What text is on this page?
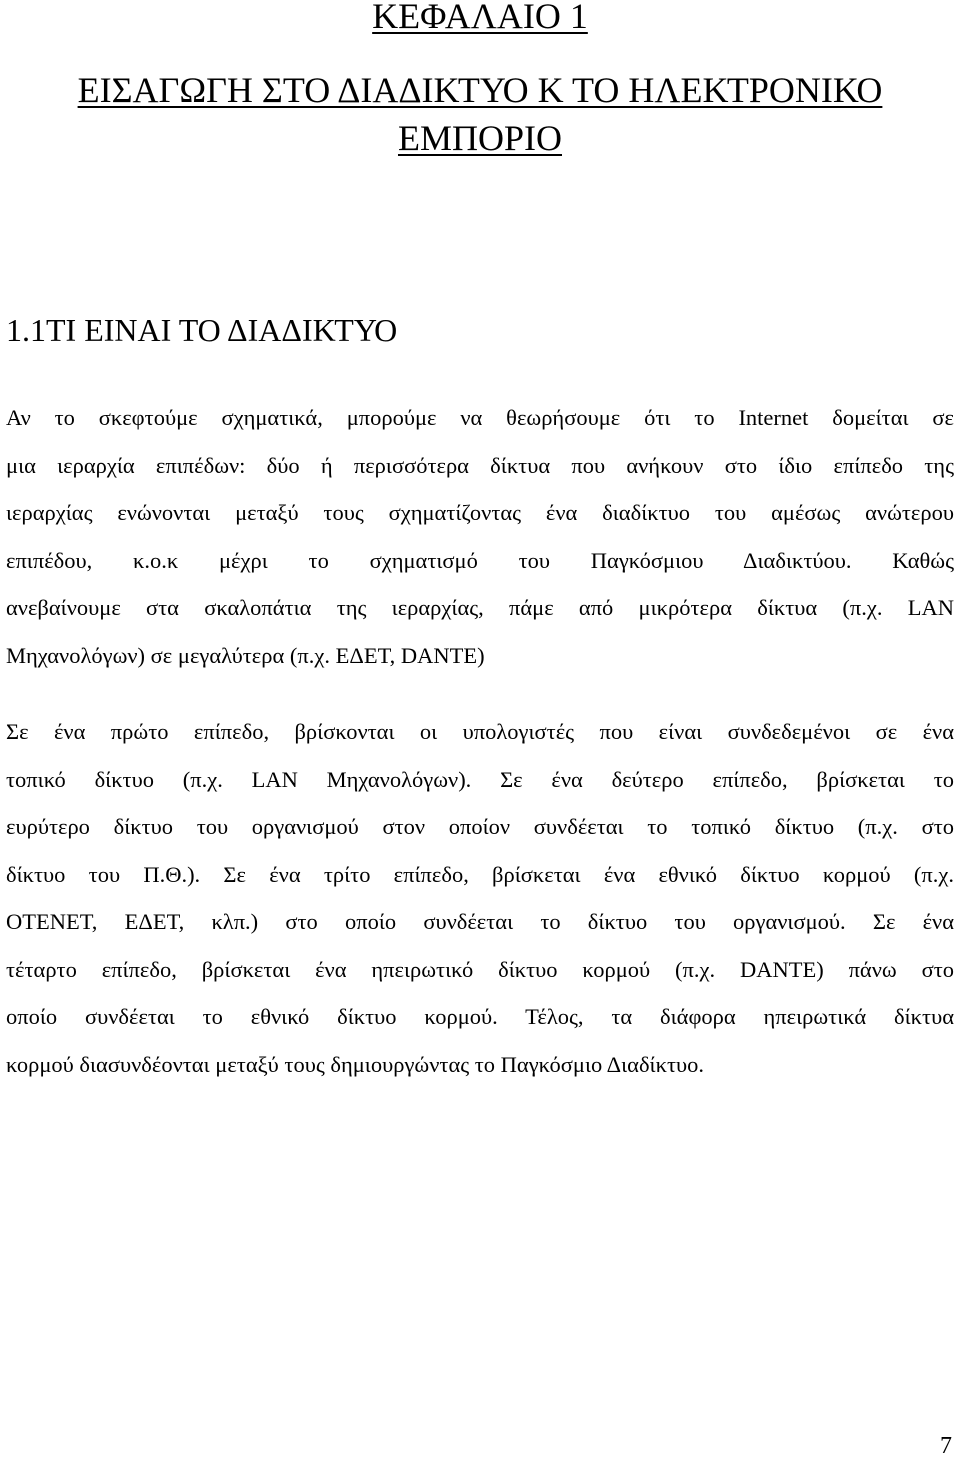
ΚΕΦΑΛΑΙΟ 1
ΕΙΣΑΓΩΓΗ ΣΤΟ ΔΙΑΔΙΚΤΥΟ Κ ΤΟ ΗΛΕΚΤΡΟΝΙΚΟ
ΕΜΠΟΡΙΟ
1.1ΤΙ ΕΙΝΑΙ ΤΟ ΔΙΑΔΙΚΤΥΟ

Αν το σκεφτούμε σχηματικά, μπορούμε να θεωρήσουμε ότι το Internet δομείται σε
μια ιεραρχία επιπέδων: δύο ή περισσότερα δίκτυα που ανήκουν στο ίδιο επίπεδο της
ιεραρχίας ενώνονται μεταξύ τους σχηματίζοντας ένα διαδίκτυο του αμέσως ανώτερου
επιπέδου, κ.ο.κ μέχρι το σχηματισμό του Παγκόσμιου Διαδικτύου. Καθώς
ανεβαίνουμε στα σκαλοπάτια της ιεραρχίας, πάμε από μικρότερα δίκτυα (π.χ. LAN
Μηχανολόγων) σε μεγαλύτερα (π.χ. ΕΔΕΤ, DANTE)

Σε ένα πρώτο επίπεδο, βρίσκονται οι υπολογιστές που είναι συνδεδεμένοι σε ένα
τοπικό δίκτυο (π.χ. LAN Μηχανολόγων). Σε ένα δεύτερο επίπεδο, βρίσκεται το
ευρύτερο δίκτυο του οργανισμού στον οποίον συνδέεται το τοπικό δίκτυο (π.χ. στο
δίκτυο του Π.Θ.). Σε ένα τρίτο επίπεδο, βρίσκεται ένα εθνικό δίκτυο κορμού (π.χ.
ΟΤΕΝΕΤ, ΕΔΕΤ, κλπ.) στο οποίο συνδέεται το δίκτυο του οργανισμού. Σε ένα
τέταρτο επίπεδο, βρίσκεται ένα ηπειρωτικό δίκτυο κορμού (π.χ. DANTE) πάνω στο
οποίο συνδέεται το εθνικό δίκτυο κορμού. Τέλος, τα διάφορα ηπειρωτικά δίκτυα
κορμού διασυνδέονται μεταξύ τους δημιουργώντας το Παγκόσμιο Διαδίκτυο.

7
